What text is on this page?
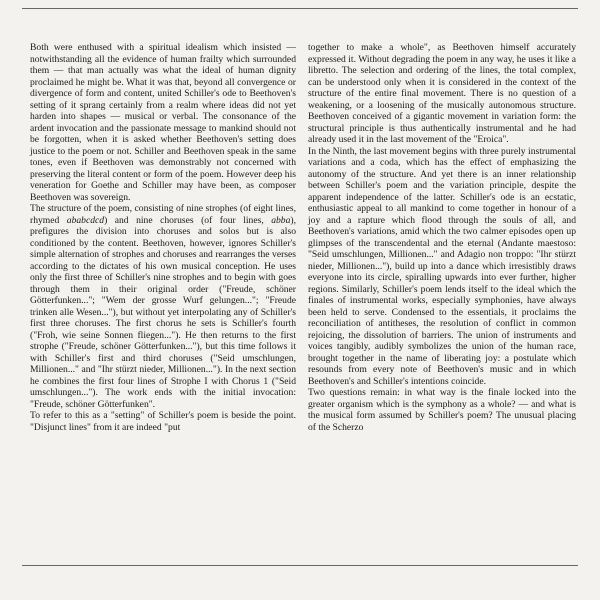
Both were enthused with a spiritual idealism which insisted — notwithstanding all the evidence of human frailty which surrounded them — that man actually was what the ideal of human dignity proclaimed he might be. What it was that, beyond all convergence or divergence of form and content, united Schiller's ode to Beethoven's setting of it sprang certainly from a realm where ideas did not yet harden into shapes — musical or verbal. The consonance of the ardent invocation and the passionate message to mankind should not be forgotten, when it is asked whether Beethoven's setting does justice to the poem or not. Schiller and Beethoven speak in the same tones, even if Beethoven was demonstrably not concerned with preserving the literal content or form of the poem. However deep his veneration for Goethe and Schiller may have been, as composer Beethoven was sovereign.

The structure of the poem, consisting of nine strophes (of eight lines, rhymed ababcdcd) and nine choruses (of four lines, abba), prefigures the division into choruses and solos but is also conditioned by the content. Beethoven, however, ignores Schiller's simple alternation of strophes and choruses and rearranges the verses according to the dictates of his own musical conception. He uses only the first three of Schiller's nine strophes and to begin with goes through them in their original order ("Freude, schöner Götterfunken..."; "Wem der grosse Wurf gelungen..."; "Freude trinken alle Wesen..."), but without yet interpolating any of Schiller's first three choruses. The first chorus he sets is Schiller's fourth ("Froh, wie seine Sonnen fliegen..."). He then returns to the first strophe ("Freude, schöner Götterfunken..."), but this time follows it with Schiller's first and third choruses ("Seid umschlungen, Millionen..." and "Ihr stürzt nieder, Millionen..."). In the next section he combines the first four lines of Strophe I with Chorus 1 ("Seid umschlungen..."). The work ends with the initial invocation: "Freude, schöner Götterfunken".

To refer to this as a "setting" of Schiller's poem is beside the point. "Disjunct lines" from it are indeed "put

together to make a whole", as Beethoven himself accurately expressed it. Without degrading the poem in any way, he uses it like a libretto. The selection and ordering of the lines, the total complex, can be understood only when it is considered in the context of the structure of the entire final movement. There is no question of a weakening, or a loosening of the musically autonomous structure. Beethoven conceived of a gigantic movement in variation form: the structural principle is thus authentically instrumental and he had already used it in the last movement of the "Eroica".

In the Ninth, the last movement begins with three purely instrumental variations and a coda, which has the effect of emphasizing the autonomy of the structure. And yet there is an inner relationship between Schiller's poem and the variation principle, despite the apparent independence of the latter. Schiller's ode is an ecstatic, enthusiastic appeal to all mankind to come together in honour of a joy and a rapture which flood through the souls of all, and Beethoven's variations, amid which the two calmer episodes open up glimpses of the transcendental and the eternal (Andante maestoso: "Seid umschlungen, Millionen..." and Adagio non troppo: "Ihr stürzt nieder, Millionen..."), build up into a dance which irresistibly draws everyone into its circle, spiralling upwards into ever further, higher regions. Similarly, Schiller's poem lends itself to the ideal which the finales of instrumental works, especially symphonies, have always been held to serve. Condensed to the essentials, it proclaims the reconciliation of antitheses, the resolution of conflict in common rejoicing, the dissolution of barriers. The union of instruments and voices tangibly, audibly symbolizes the union of the human race, brought together in the name of liberating joy: a postulate which resounds from every note of Beethoven's music and in which Beethoven's and Schiller's intentions coincide.

Two questions remain: in what way is the finale locked into the greater organism which is the symphony as a whole? — and what is the musical form assumed by Schiller's poem? The unusual placing of the Scherzo
